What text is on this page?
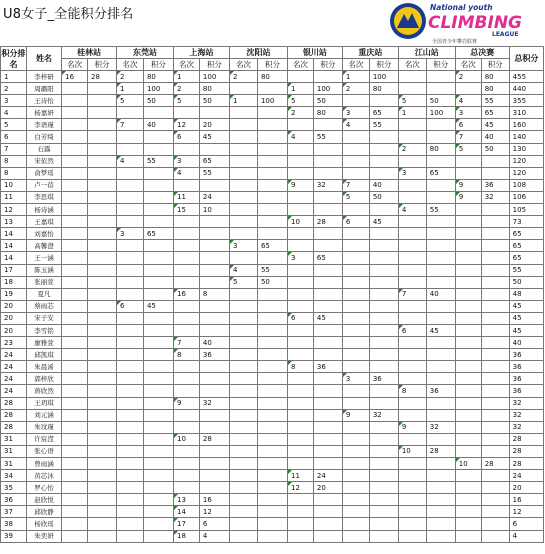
U8女子_全能积分排名	National youth
CLIMBING
LEAGUE
全国青少年攀岩联赛
积分排名	姓名	桂林站		东莞站		上海站		沈阳站		银川站		重庆站		江山站		总决赛		总积分
		名次	积分	名次	积分	名次	积分	名次	积分	名次	积分	名次	积分	名次	积分	名次	积分	
1	李梓研	16	28	2	80	1	100	2	80			1	100			2	80	455
2	周璐阳			1	100	2	80			1	100	2	80				80	440
3	王诗怡			5	50	5	50	1	100	5	50			5	50	4	55	355
4	杨嘉妍									2	80	3	65	1	100	3	65	310
5	李语瑾			7	40	12	20					4	55			6	45	160
6	白芳绮					6	45			4	55					7	40	140
7	石露													2	80	5	50	130
8	宋依然			4	55	3	65											120
8	俞梦瑶					4	55							3	65			120
10	卢一蓓									9	32	7	40			9	36	108
11	李思琪					11	24					5	50			9	32	106
12	杨诗涵					15	10							4	55			105
13	王嘉琪									10	28	6	45					73
14	刘嘉怡			3	65													65
14	高馨澄							3	65									65
14	王一涵									3	65							65
17	陈玉涵							4	55									55
18	张丽萱							5	50									50
19	夏凡					16	8							7	40			48
20	蔡雨芯			6	45													45
20	宋子安									6	45							45
20	李雪铭													6	45			45
23	廖雅萱					7	40											40
24	邱凯琪					8	36											36
24	朱晨浠									8	36							36
24	郭梓欣											3	36					36
24	蒋欣然													8	36			36
28	王玥琪					9	32											32
28	刘元涵											9	32					32
28	朱玟瑾													9	32			32
31	许宸滢					10	28											28
31	张心语													10	28			28
31	曾雨涵															10	28	28
34	黄芯沐									11	24							24
35	罗心怡									12	20							20
36	赵欣悦					13	16											16
37	邱欣静					14	12											12
38	杨欣瑶					17	6											6
39	朱奕妍					18	4											4
